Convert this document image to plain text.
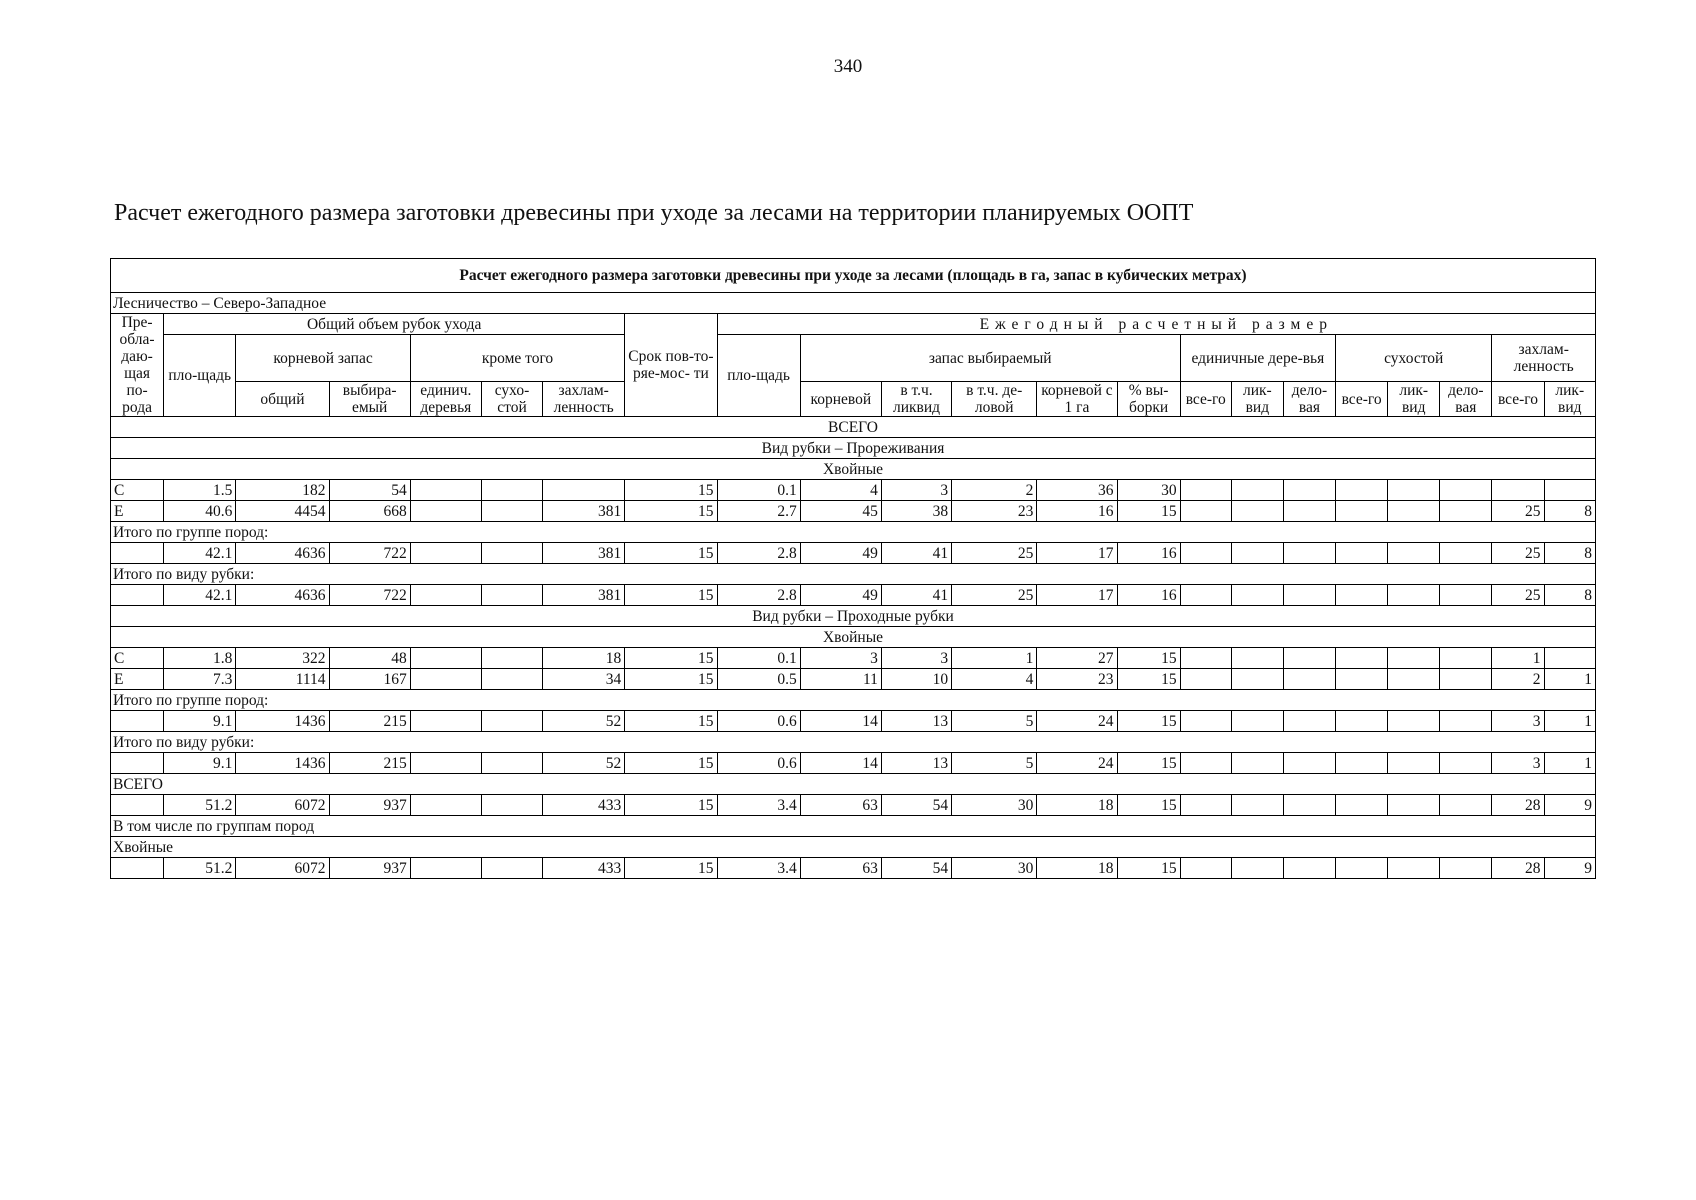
340
Расчет ежегодного размера заготовки древесины при уходе за лесами на территории планируемых ООПТ
Расчет ежегодного размера заготовки древесины при уходе за лесами (площадь в га, запас в кубических метрах)																					
Лесничество – Северо-Западное																					
Пре-обла-даю-щая по-рода	Общий объем рубок ухода						Срок пов-то- ряе-мос- ти	Ежегодный расчетный размер													
	пло-щадь	корневой запас		кроме того				пло-щадь	запас выбираемый					единичные дере-вья			сухостой			захлам-ленность	
		общий	выбира-емый	единич. деревья	сухо-стой	захлам-ленность			корневой	в т.ч. ликвид	в т.ч. де-ловой	корневой с 1 га	% вы-борки	все-го	лик-вид	дело-вая	все-го	лик-вид	дело-вая	все-го	лик-вид
ВСЕГО																					
Вид рубки – Прореживания																					
Хвойные																					
С	1.5	182	54				15	0.1	4	3	2	36	30								
Е	40.6	4454	668			381	15	2.7	45	38	23	16	15							25	8
Итого по группе пород:																					
	42.1	4636	722			381	15	2.8	49	41	25	17	16							25	8
Итого по виду рубки:																					
	42.1	4636	722			381	15	2.8	49	41	25	17	16							25	8
Вид рубки – Проходные рубки																					
Хвойные																					
С	1.8	322	48			18	15	0.1	3	3	1	27	15							1	
Е	7.3	1114	167			34	15	0.5	11	10	4	23	15							2	1
Итого по группе пород:																					
	9.1	1436	215			52	15	0.6	14	13	5	24	15							3	1
Итого по виду рубки:																					
	9.1	1436	215			52	15	0.6	14	13	5	24	15							3	1
ВСЕГО																					
	51.2	6072	937			433	15	3.4	63	54	30	18	15							28	9
В том числе по группам пород																					
Хвойные																					
	51.2	6072	937			433	15	3.4	63	54	30	18	15							28	9
